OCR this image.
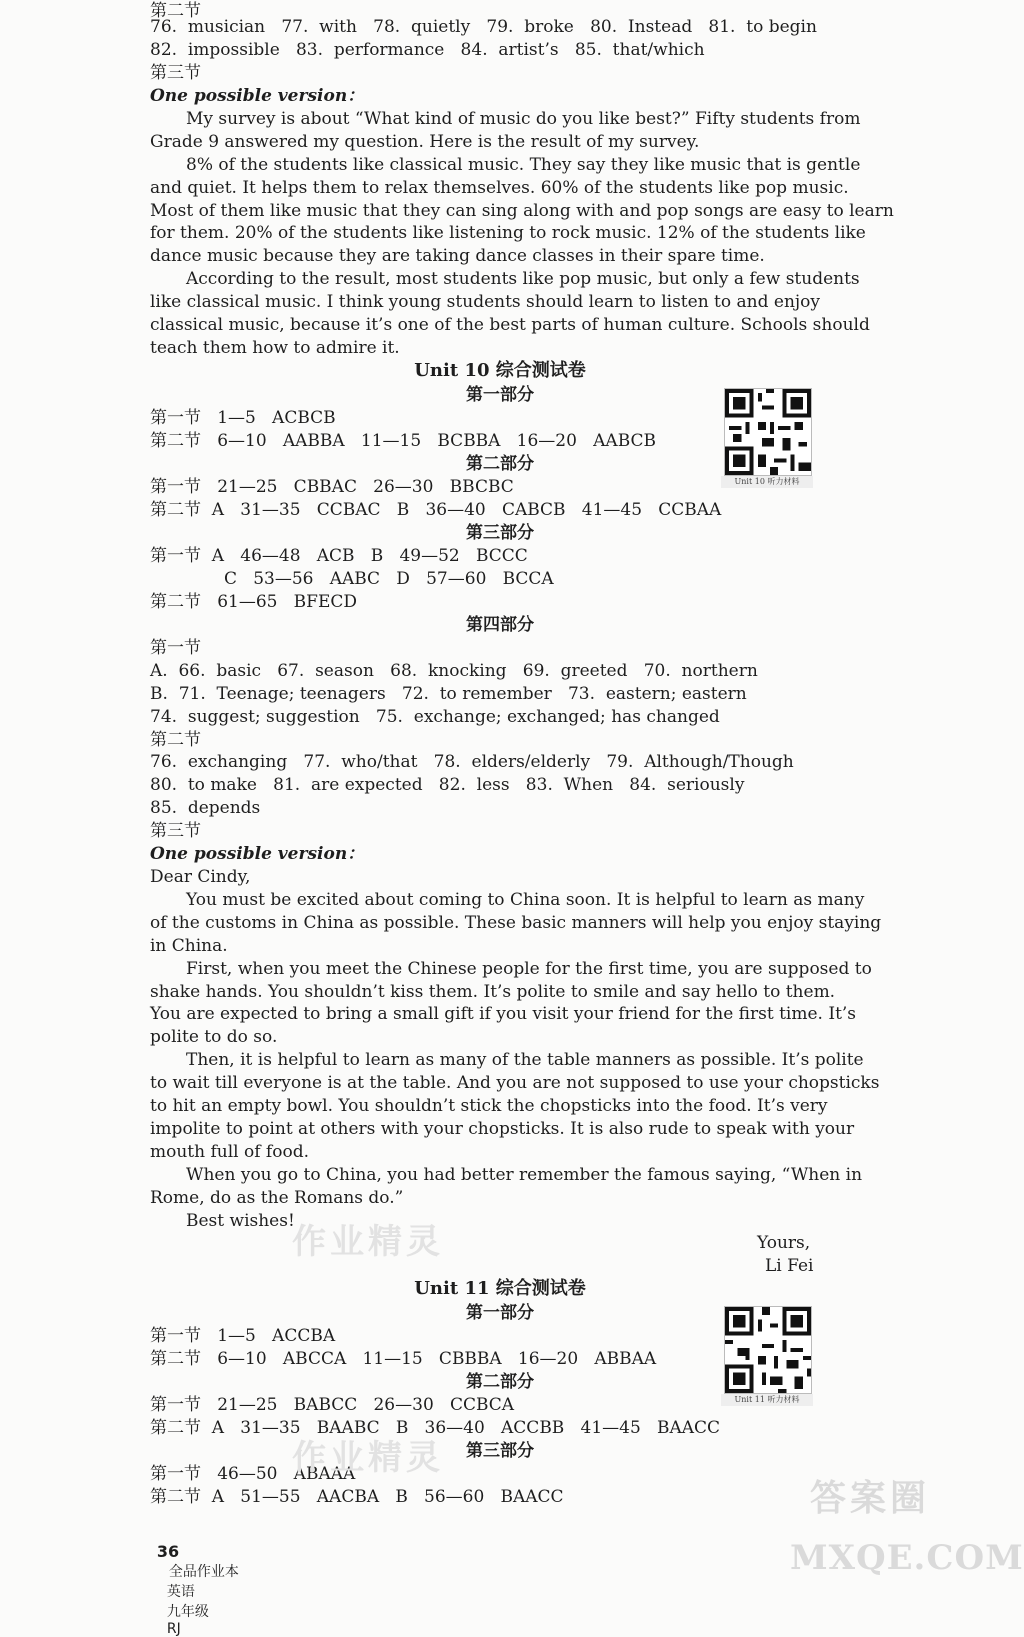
第二节
76.  musician   77.  with   78.  quietly   79.  broke   80.  Instead   81.  to begin
82.  impossible   83.  performance   84.  artist’s   85.  that/which
第三节
One possible version：
My survey is about “What kind of music do you like best?” Fifty students from
Grade 9 answered my question. Here is the result of my survey.
8% of the students like classical music. They say they like music that is gentle
and quiet. It helps them to relax themselves. 60% of the students like pop music.
Most of them like music that they can sing along with and pop songs are easy to learn
for them. 20% of the students like listening to rock music. 12% of the students like
dance music because they are taking dance classes in their spare time.
According to the result, most students like pop music, but only a few students
like classical music. I think young students should learn to listen to and enjoy
classical music, because it’s one of the best parts of human culture. Schools should
teach them how to admire it.
Unit 10 综合测试卷
第一部分
第一节   1—5   ACBCB
第二节   6—10   AABBA   11—15   BCBBA   16—20   AABCB
第二部分
第一节   21—25   CBBAC   26—30   BBCBC
第二节  A   31—35   CCBAC   B   36—40   CABCB   41—45   CCBAA
第三部分
第一节  A   46—48   ACB   B   49—52   BCCC
C   53—56   AABC   D   57—60   BCCA
第二节   61—65   BFECD
第四部分
第一节
A.  66.  basic   67.  season   68.  knocking   69.  greeted   70.  northern
B.  71.  Teenage; teenagers   72.  to remember   73.  eastern; eastern
74.  suggest; suggestion   75.  exchange; exchanged; has changed
第二节
76.  exchanging   77.  who/that   78.  elders/elderly   79.  Although/Though
80.  to make   81.  are expected   82.  less   83.  When   84.  seriously
85.  depends
第三节
One possible version：
Dear Cindy,
You must be excited about coming to China soon. It is helpful to learn as many
of the customs in China as possible. These basic manners will help you enjoy staying
in China.
First, when you meet the Chinese people for the first time, you are supposed to
shake hands. You shouldn’t kiss them. It’s polite to smile and say hello to them.
You are expected to bring a small gift if you visit your friend for the first time. It’s
polite to do so.
Then, it is helpful to learn as many of the table manners as possible. It’s polite
to wait till everyone is at the table. And you are not supposed to use your chopsticks
to hit an empty bowl. You shouldn’t stick the chopsticks into the food. It’s very
impolite to point at others with your chopsticks. It is also rude to speak with your
mouth full of food.
When you go to China, you had better remember the famous saying, “When in
Rome, do as the Romans do.”
Best wishes!
Yours,
Li Fei
Unit 11 综合测试卷
第一部分
第一节   1—5   ACCBA
第二节   6—10   ABCCA   11—15   CBBBA   16—20   ABBAA
第二部分
第一节   21—25   BABCC   26—30   CCBCA
第二节  A   31—35   BAABC   B   36—40   ACCBB   41—45   BAACC
第三部分
第一节   46—50   ABAAA
第二节  A   51—55   AACBA   B   56—60   BAACC
Unit 10 听力材料
Unit 11 听力材料
作业精灵
作业精灵
答案圈
MXQE.COM

36
全品作业本
英语
九年级
RJ
